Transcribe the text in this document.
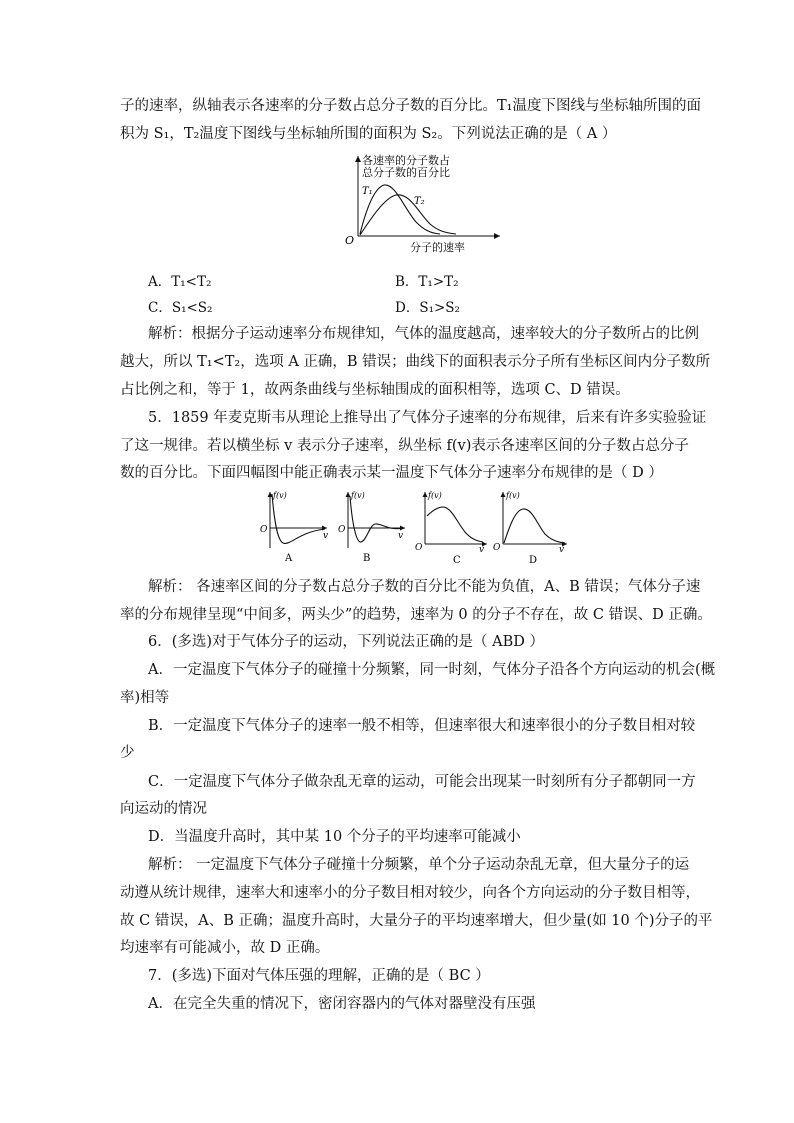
子的速率，纵轴表示各速率的分子数占总分子数的百分比。T₁温度下图线与坐标轴所围的面
积为 S₁，T₂温度下图线与坐标轴所围的面积为 S₂。下列说法正确的是（ A ）
各速率的分子数占
总分子数的百分比
T₁
T₂
O
分子的速率
A．T₁<T₂	B．T₁>T₂
C．S₁<S₂	D．S₁>S₂
解析：根据分子运动速率分布规律知，气体的温度越高，速率较大的分子数所占的比例
越大，所以 T₁<T₂，选项 A 正确，B 错误；曲线下的面积表示分子所有坐标区间内分子数所
占比例之和，等于 1，故两条曲线与坐标轴围成的面积相等，选项 C、D 错误。
5．1859 年麦克斯韦从理论上推导出了气体分子速率的分布规律，后来有许多实验验证
了这一规律。若以横坐标 v 表示分子速率，纵坐标 f(v)表示各速率区间的分子数占总分子
数的百分比。下面四幅图中能正确表示某一温度下气体分子速率分布规律的是（ D ）
f(v)
O
v
A
f(v)
O
v
B
f(v)
O	v
C
f(v)
O	v
D
解析： 各速率区间的分子数占总分子数的百分比不能为负值，A、B 错误；气体分子速
率的分布规律呈现“中间多，两头少”的趋势，速率为 0 的分子不存在，故 C 错误、D 正确。
6．(多选)对于气体分子的运动，下列说法正确的是（ ABD ）
A．一定温度下气体分子的碰撞十分频繁，同一时刻，气体分子沿各个方向运动的机会(概
率)相等
B．一定温度下气体分子的速率一般不相等，但速率很大和速率很小的分子数目相对较
少
C．一定温度下气体分子做杂乱无章的运动，可能会出现某一时刻所有分子都朝同一方
向运动的情况
D．当温度升高时，其中某 10 个分子的平均速率可能减小
解析： 一定温度下气体分子碰撞十分频繁，单个分子运动杂乱无章，但大量分子的运
动遵从统计规律，速率大和速率小的分子数目相对较少，向各个方向运动的分子数目相等，
故 C 错误，A、B 正确；温度升高时，大量分子的平均速率增大，但少量(如 10 个)分子的平
均速率有可能减小，故 D 正确。
7．(多选)下面对气体压强的理解，正确的是（ BC ）
A．在完全失重的情况下，密闭容器内的气体对器壁没有压强
